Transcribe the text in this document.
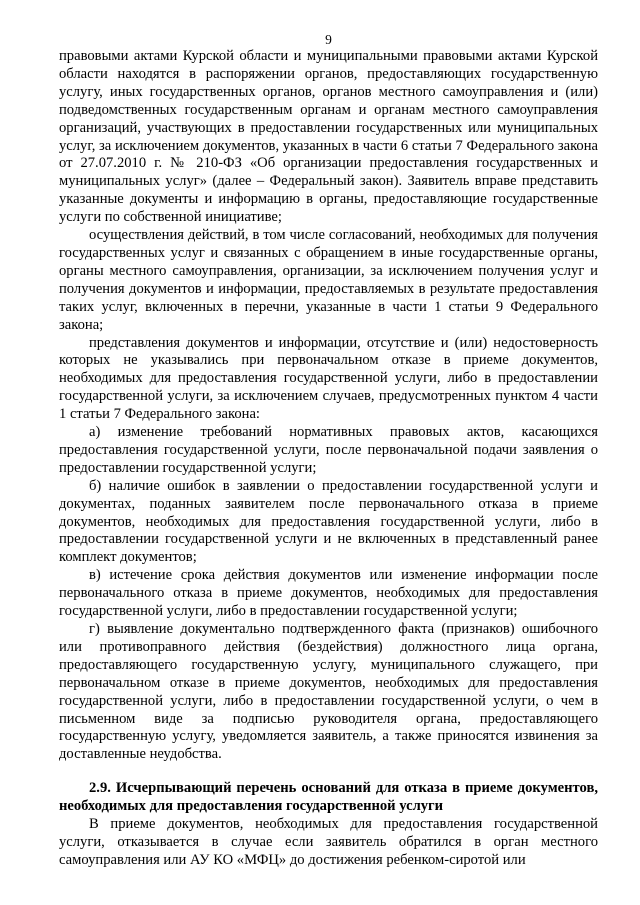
9

правовыми актами Курской области и муниципальными правовыми актами Курской области находятся в распоряжении органов, предоставляющих государственную услугу, иных государственных органов, органов местного самоуправления и (или) подведомственных государственным органам и органам местного самоуправления организаций, участвующих в предоставлении государственных или муниципальных услуг, за исключением документов, указанных в части 6 статьи 7 Федерального закона от 27.07.2010 г. № 210-ФЗ «Об организации предоставления государственных и муниципальных услуг» (далее – Федеральный закон). Заявитель вправе представить указанные документы и информацию в органы, предоставляющие государственные услуги по собственной инициативе;

осуществления действий, в том числе согласований, необходимых для получения государственных услуг и связанных с обращением в иные государственные органы, органы местного самоуправления, организации, за исключением получения услуг и получения документов и информации, предоставляемых в результате предоставления таких услуг, включенных в перечни, указанные в части 1 статьи 9 Федерального закона;

представления документов и информации, отсутствие и (или) недостоверность которых не указывались при первоначальном отказе в приеме документов, необходимых для предоставления государственной услуги, либо в предоставлении государственной услуги, за исключением случаев, предусмотренных пунктом 4 части 1 статьи 7 Федерального закона:

а) изменение требований нормативных правовых актов, касающихся предоставления государственной услуги, после первоначальной подачи заявления о предоставлении государственной услуги;

б) наличие ошибок в заявлении о предоставлении государственной услуги и документах, поданных заявителем после первоначального отказа в приеме документов, необходимых для предоставления государственной услуги, либо в предоставлении государственной услуги и не включенных в представленный ранее комплект документов;

в) истечение срока действия документов или изменение информации после первоначального отказа в приеме документов, необходимых для предоставления государственной услуги, либо в предоставлении государственной услуги;

г) выявление документально подтвержденного факта (признаков) ошибочного или противоправного действия (бездействия) должностного лица органа, предоставляющего государственную услугу, муниципального служащего, при первоначальном отказе в приеме документов, необходимых для предоставления государственной услуги, либо в предоставлении государственной услуги, о чем в письменном виде за подписью руководителя органа, предоставляющего государственную услугу, уведомляется заявитель, а также приносятся извинения за доставленные неудобства.

2.9. Исчерпывающий перечень оснований для отказа в приеме документов, необходимых для предоставления государственной услуги

В приеме документов, необходимых для предоставления государственной услуги, отказывается в случае если заявитель обратился в орган местного самоуправления или АУ КО «МФЦ» до достижения ребенком-сиротой или
